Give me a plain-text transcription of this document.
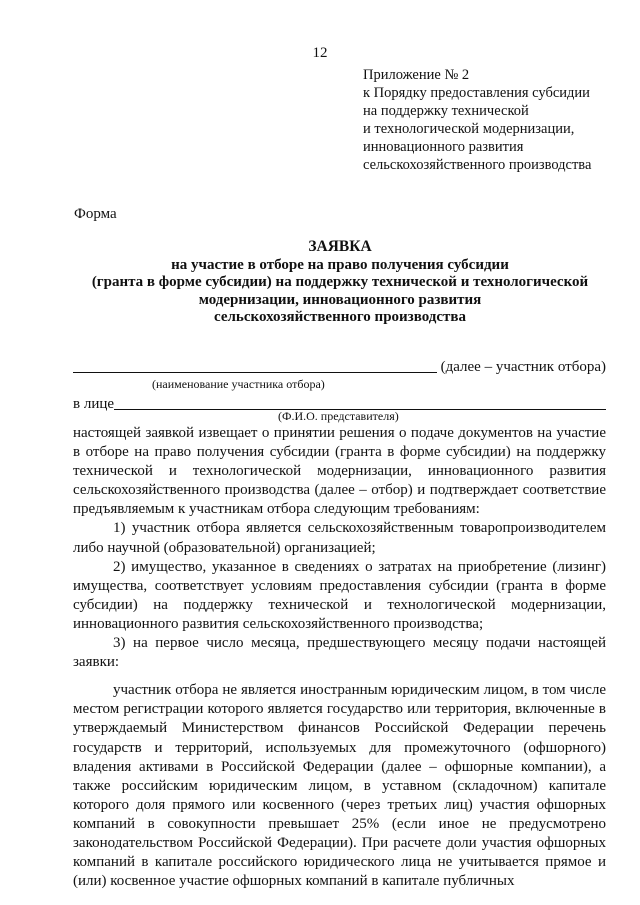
12
Приложение № 2
к Порядку предоставления субсидии
на поддержку технической
и технологической модернизации,
инновационного развития
сельскохозяйственного производства
Форма
ЗАЯВКА
на участие в отборе на право получения субсидии
(гранта в форме субсидии) на поддержку технической и технологической
модернизации, инновационного развития
сельскохозяйственного производства
(далее – участник отбора)
(наименование участника отбора)
в лице
(Ф.И.О. представителя)

настоящей заявкой извещает о принятии решения о подаче документов на участие в отборе на право получения субсидии (гранта в форме субсидии) на поддержку технической и технологической модернизации, инновационного развития сельскохозяйственного производства (далее – отбор) и подтверждает соответствие предъявляемым к участникам отбора следующим требованиям:

1) участник отбора является сельскохозяйственным товаропроизводителем либо научной (образовательной) организацией;

2) имущество, указанное в сведениях о затратах на приобретение (лизинг) имущества, соответствует условиям предоставления субсидии (гранта в форме субсидии) на поддержку технической и технологической модернизации, инновационного развития сельскохозяйственного производства;

3) на первое число месяца, предшествующего месяцу подачи настоящей заявки:

участник отбора не является иностранным юридическим лицом, в том числе местом регистрации которого является государство или территория, включенные в утверждаемый Министерством финансов Российской Федерации перечень государств и территорий, используемых для промежуточного (офшорного) владения активами в Российской Федерации (далее – офшорные компании), а также российским юридическим лицом, в уставном (складочном) капитале которого доля прямого или косвенного (через третьих лиц) участия офшорных компаний в совокупности превышает 25% (если иное не предусмотрено законодательством Российской Федерации). При расчете доли участия офшорных компаний в капитале российского юридического лица не учитывается прямое и (или) косвенное участие офшорных компаний в капитале публичных
